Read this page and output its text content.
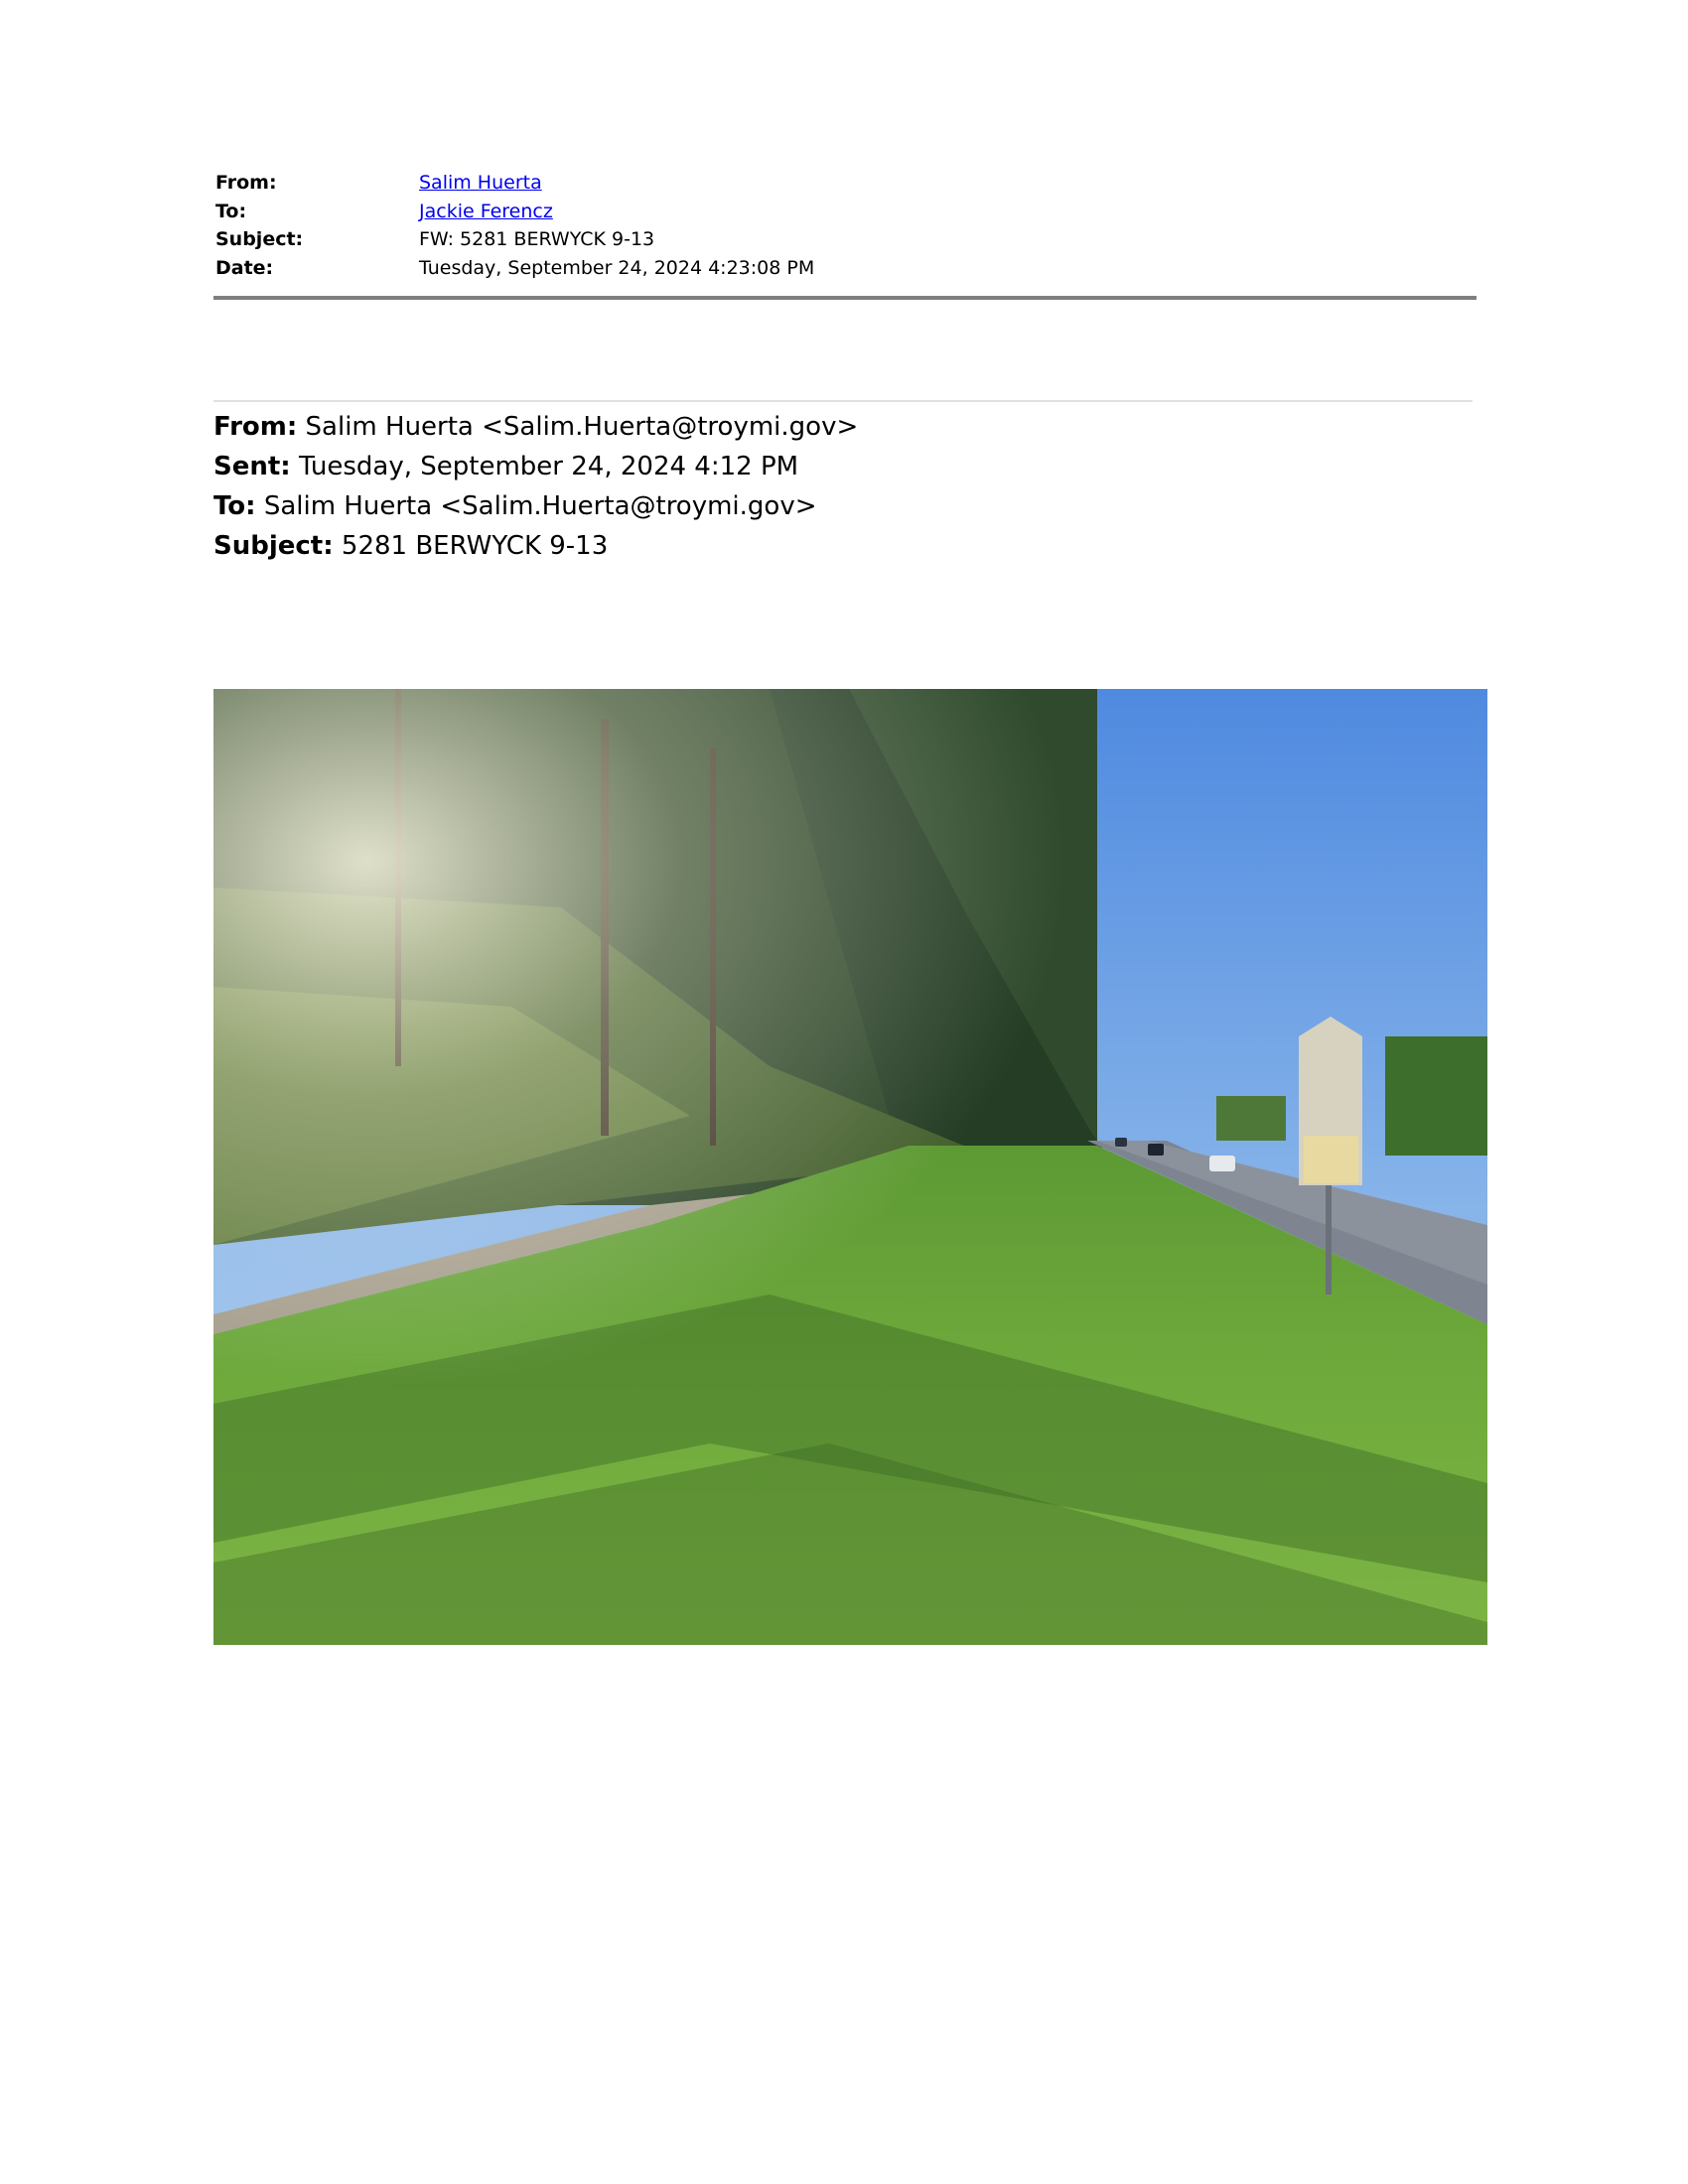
From:	Salim Huerta
To:	Jackie Ferencz
Subject:	FW: 5281 BERWYCK 9-13
Date:	Tuesday, September 24, 2024 4:23:08 PM
From: Salim Huerta <Salim.Huerta@troymi.gov>
Sent: Tuesday, September 24, 2024 4:12 PM
To: Salim Huerta <Salim.Huerta@troymi.gov>
Subject: 5281 BERWYCK 9-13
